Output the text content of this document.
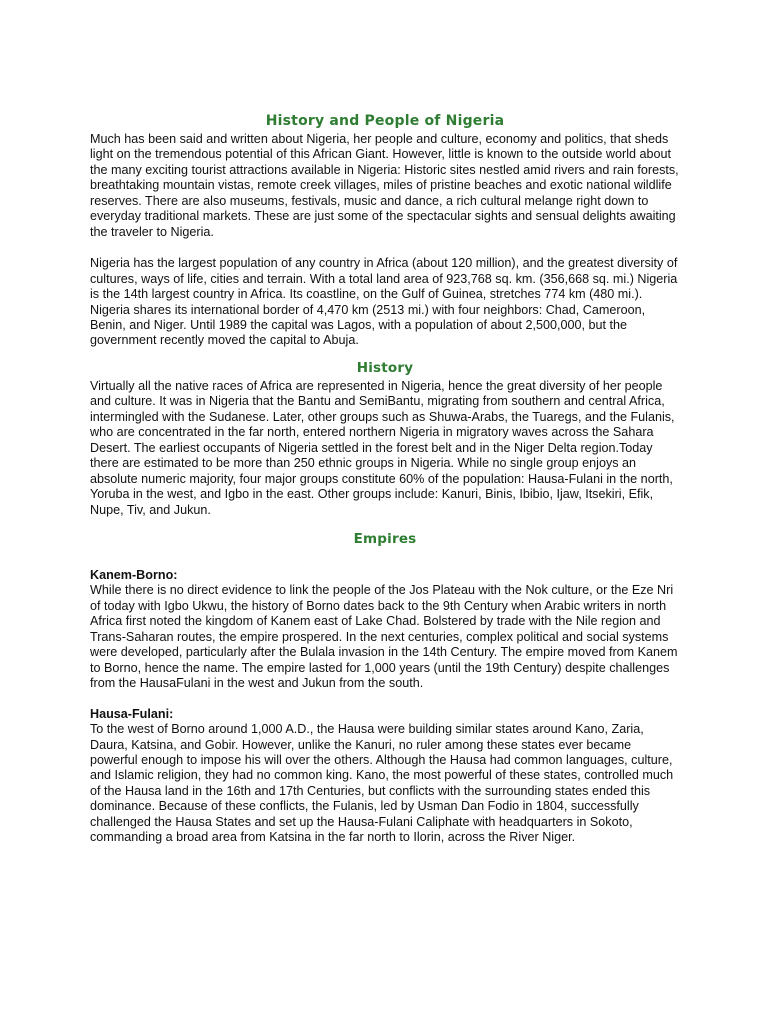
History and People of Nigeria

Much has been said and written about Nigeria, her people and culture, economy and politics, that sheds light on the tremendous potential of this African Giant. However, little is known to the outside world about the many exciting tourist attractions available in Nigeria: Historic sites nestled amid rivers and rain forests, breathtaking mountain vistas, remote creek villages, miles of pristine beaches and exotic national wildlife reserves. There are also museums, festivals, music and dance, a rich cultural melange right down to everyday traditional markets. These are just some of the spectacular sights and sensual delights awaiting the traveler to Nigeria.

Nigeria has the largest population of any country in Africa (about 120 million), and the greatest diversity of cultures, ways of life, cities and terrain. With a total land area of 923,768 sq. km. (356,668 sq. mi.) Nigeria is the 14th largest country in Africa. Its coastline, on the Gulf of Guinea, stretches 774 km (480 mi.). Nigeria shares its international border of 4,470 km (2513 mi.) with four neighbors: Chad, Cameroon, Benin, and Niger. Until 1989 the capital was Lagos, with a population of about 2,500,000, but the government recently moved the capital to Abuja.

History

Virtually all the native races of Africa are represented in Nigeria, hence the great diversity of her people and culture. It was in Nigeria that the Bantu and SemiBantu, migrating from southern and central Africa, intermingled with the Sudanese. Later, other groups such as Shuwa-Arabs, the Tuaregs, and the Fulanis, who are concentrated in the far north, entered northern Nigeria in migratory waves across the Sahara Desert. The earliest occupants of Nigeria settled in the forest belt and in the Niger Delta region.Today there are estimated to be more than 250 ethnic groups in Nigeria. While no single group enjoys an absolute numeric majority, four major groups constitute 60% of the population: Hausa-Fulani in the north, Yoruba in the west, and Igbo in the east. Other groups include: Kanuri, Binis, Ibibio, Ijaw, Itsekiri, Efik, Nupe, Tiv, and Jukun.

Empires
Kanem-Borno:

While there is no direct evidence to link the people of the Jos Plateau with the Nok culture, or the Eze Nri of today with Igbo Ukwu, the history of Borno dates back to the 9th Century when Arabic writers in north Africa first noted the kingdom of Kanem east of Lake Chad. Bolstered by trade with the Nile region and Trans-Saharan routes, the empire prospered. In the next centuries, complex political and social systems were developed, particularly after the Bulala invasion in the 14th Century. The empire moved from Kanem to Borno, hence the name. The empire lasted for 1,000 years (until the 19th Century) despite challenges from the HausaFulani in the west and Jukun from the south.

Hausa-Fulani:

To the west of Borno around 1,000 A.D., the Hausa were building similar states around Kano, Zaria, Daura, Katsina, and Gobir. However, unlike the Kanuri, no ruler among these states ever became powerful enough to impose his will over the others. Although the Hausa had common languages, culture, and Islamic religion, they had no common king. Kano, the most powerful of these states, controlled much of the Hausa land in the 16th and 17th Centuries, but conflicts with the surrounding states ended this dominance. Because of these conflicts, the Fulanis, led by Usman Dan Fodio in 1804, successfully challenged the Hausa States and set up the Hausa-Fulani Caliphate with headquarters in Sokoto, commanding a broad area from Katsina in the far north to Ilorin, across the River Niger.
